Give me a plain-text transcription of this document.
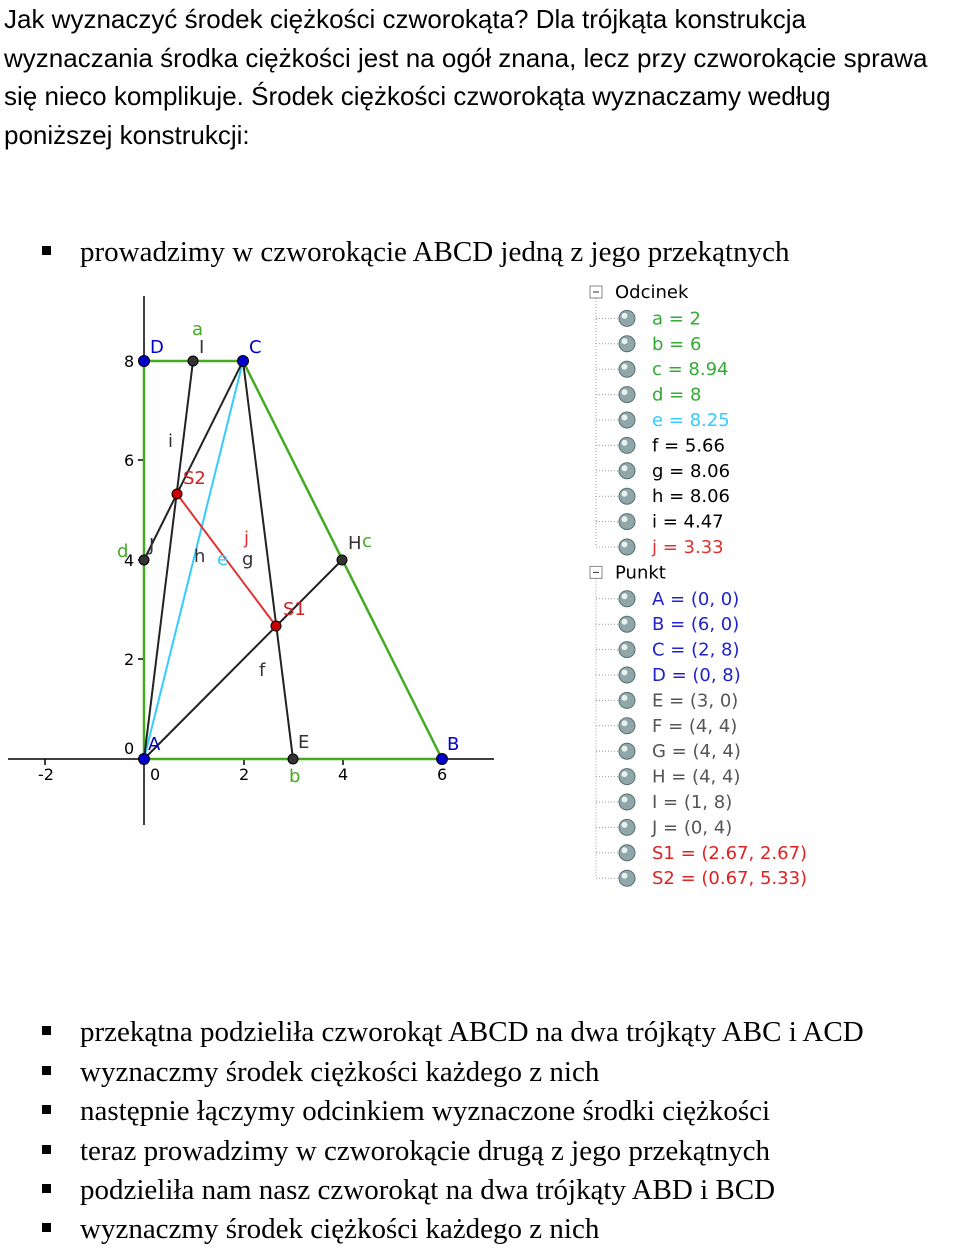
Jak wyznaczyć środek ciężkości czworokąta? Dla trójkąta konstrukcja
wyznaczania środka ciężkości jest na ogół znana, lecz przy czworokącie sprawa
się nieco komplikuje. Środek ciężkości czworokąta wyznaczamy według
poniższej konstrukcji:
prowadzimy w czworokącie ABCD jedną z jego przekątnych
-2	0	2	4	6
0
2
4
6
8
A	B
C
D
E
S2
S1
H c
d J
a
I
b
e
f
g
h
i
j
Odcinek
a = 2
b = 6
c = 8.94
d = 8
e = 8.25
f = 5.66
g = 8.06
h = 8.06
i = 4.47
j = 3.33
Punkt
A = (0, 0)
B = (6, 0)
C = (2, 8)
D = (0, 8)
E = (3, 0)
F = (4, 4)
G = (4, 4)
H = (4, 4)
I = (1, 8)
J = (0, 4)
S1 = (2.67, 2.67)
S2 = (0.67, 5.33)
przekątna podzieliła czworokąt ABCD na dwa trójkąty ABC i ACD
wyznaczmy środek ciężkości każdego z nich
następnie łączymy odcinkiem wyznaczone środki ciężkości
teraz prowadzimy w czworokącie drugą z jego przekątnych
podzieliła nam nasz czworokąt na dwa trójkąty ABD i BCD
wyznaczmy środek ciężkości każdego z nich
